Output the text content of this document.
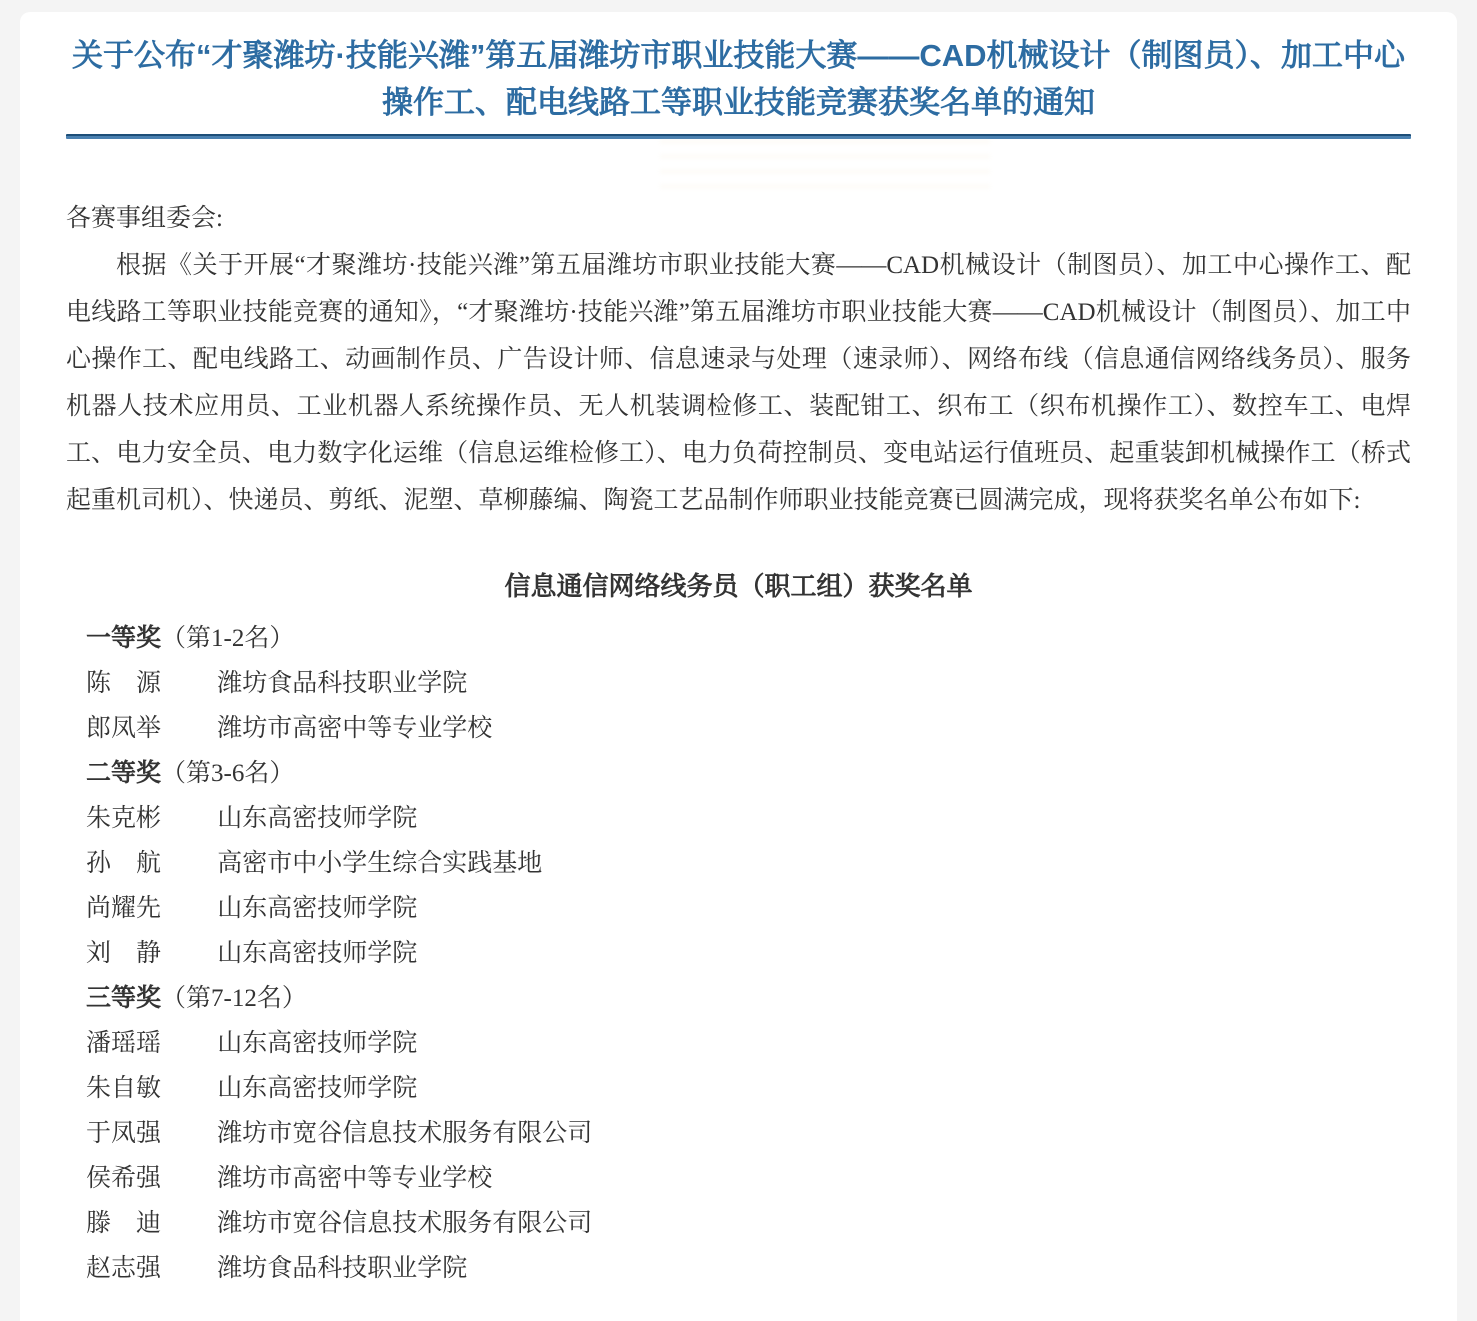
关于公布“才聚潍坊·技能兴潍”第五届潍坊市职业技能大赛——CAD机械设计（制图员）、加工中心操作工、配电线路工等职业技能竞赛获奖名单的通知

各赛事组委会:

根据《关于开展“才聚潍坊·技能兴潍”第五届潍坊市职业技能大赛——CAD机械设计（制图员）、加工中心操作工、配电线路工等职业技能竞赛的通知》，“才聚潍坊·技能兴潍”第五届潍坊市职业技能大赛——CAD机械设计（制图员）、加工中心操作工、配电线路工、动画制作员、广告设计师、信息速录与处理（速录师）、网络布线（信息通信网络线务员）、服务机器人技术应用员、工业机器人系统操作员、无人机装调检修工、装配钳工、织布工（织布机操作工）、数控车工、电焊工、电力安全员、电力数字化运维（信息运维检修工）、电力负荷控制员、变电站运行值班员、起重装卸机械操作工（桥式起重机司机）、快递员、剪纸、泥塑、草柳藤编、陶瓷工艺品制作师职业技能竞赛已圆满完成，现将获奖名单公布如下:

信息通信网络线务员（职工组）获奖名单
一等奖（第1-2名）
陈　源 潍坊食品科技职业学院
郎凤举 潍坊市高密中等专业学校
二等奖（第3-6名）
朱克彬 山东高密技师学院
孙　航 高密市中小学生综合实践基地
尚耀先 山东高密技师学院
刘　静 山东高密技师学院
三等奖（第7-12名）
潘瑶瑶 山东高密技师学院
朱自敏 山东高密技师学院
于凤强 潍坊市宽谷信息技术服务有限公司
侯希强 潍坊市高密中等专业学校
滕　迪 潍坊市宽谷信息技术服务有限公司
赵志强 潍坊食品科技职业学院
